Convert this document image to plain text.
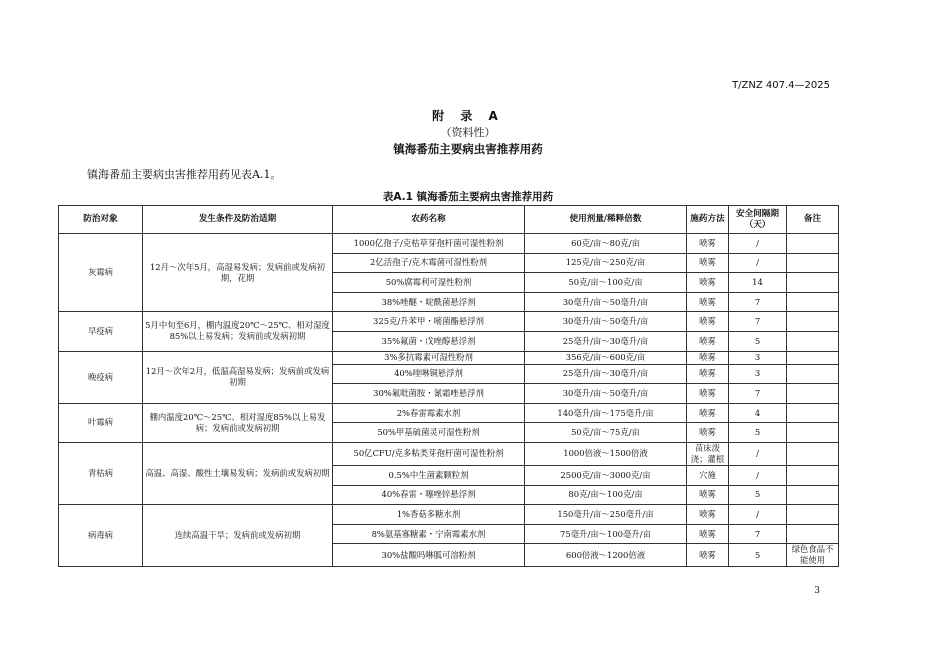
T/ZNZ 407.4—2025
附 录 A
（资料性）
镇海番茄主要病虫害推荐用药
镇海番茄主要病虫害推荐用药见表A.1。
表A.1 镇海番茄主要病虫害推荐用药
防治对象	发生条件及防治适期	农药名称	使用剂量/稀释倍数	施药方法	安全间隔期（天）	备注
灰霉病	12月～次年5月，高湿易发病；发病前或发病初期，花期	1000亿孢子/克枯草芽孢杆菌可湿性粉剂	60克/亩～80克/亩	喷雾	/	
		2亿活孢子/克木霉菌可湿性粉剂	125克/亩～250克/亩	喷雾	/	
		50%腐霉利可湿性粉剂	50克/亩～100克/亩	喷雾	14	
		38%唑醚・啶酰菌悬浮剂	30毫升/亩～50毫升/亩	喷雾	7	
早疫病	5月中旬至6月，棚内温度20℃～25℃、相对湿度85%以上易发病；发病前或发病初期	325克/升苯甲・嘧菌酯悬浮剂	30毫升/亩～50毫升/亩	喷雾	7	
		35%氟菌・戊唑醇悬浮剂	25毫升/亩～30毫升/亩	喷雾	5	
晚疫病	12月～次年2月，低温高湿易发病；发病前或发病初期	3%多抗霉素可湿性粉剂	356克/亩～600克/亩	喷雾	3	
		40%喹啉铜悬浮剂	25毫升/亩～30毫升/亩	喷雾	3	
		30%氟吡菌胺・氰霜唑悬浮剂	30毫升/亩～50毫升/亩	喷雾	7	
叶霉病	棚内温度20℃～25℃、相对湿度85%以上易发病；发病前或发病初期	2%春雷霉素水剂	140毫升/亩～175毫升/亩	喷雾	4	
		50%甲基硫菌灵可湿性粉剂	50克/亩～75克/亩	喷雾	5	
青枯病	高温、高湿、酸性土壤易发病；发病前或发病初期	50亿CFU/克多粘类芽孢杆菌可湿性粉剂	1000倍液～1500倍液	苗床泼浇；灌根	/	
		0.5%中生菌素颗粒剂	2500克/亩～3000克/亩	穴施	/	
		40%春雷・噻唑锌悬浮剂	80克/亩～100克/亩	喷雾	5	
病毒病	连续高温干旱；发病前或发病初期	1%香菇多糖水剂	150毫升/亩～250毫升/亩	喷雾	/	
		8%氨基寡糖素・宁南霉素水剂	75毫升/亩～100毫升/亩	喷雾	7	
		30%盐酸吗啉胍可溶粉剂	600倍液～1200倍液	喷雾	5	绿色食品不能使用
3
